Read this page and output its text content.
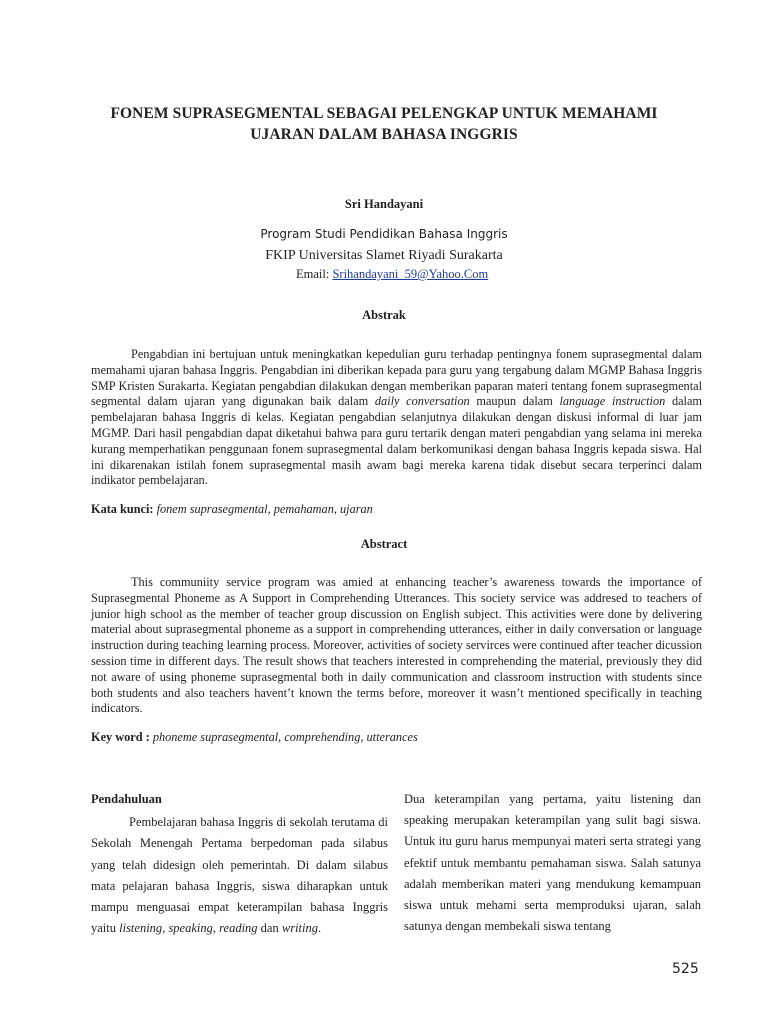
FONEM SUPRASEGMENTAL SEBAGAI PELENGKAP UNTUK MEMAHAMI
UJARAN DALAM BAHASA INGGRIS

Sri Handayani

Program Studi Pendidikan Bahasa Inggris

FKIP Universitas Slamet Riyadi Surakarta

Email: Srihandayani_59@Yahoo.Com

Abstrak

Pengabdian ini bertujuan untuk meningkatkan kepedulian guru terhadap pentingnya fonem suprasegmental dalam memahami ujaran bahasa Inggris. Pengabdian ini diberikan kepada para guru yang tergabung dalam MGMP Bahasa Inggris SMP Kristen Surakarta. Kegiatan pengabdian dilakukan dengan memberikan paparan materi tentang fonem suprasegmental segmental dalam ujaran yang digunakan baik dalam daily conversation maupun dalam language instruction dalam pembelajaran bahasa Inggris di kelas. Kegiatan pengabdian selanjutnya dilakukan dengan diskusi informal di luar jam MGMP. Dari hasil pengabdian dapat diketahui bahwa para guru tertarik dengan materi pengabdian yang selama ini mereka kurang memperhatikan penggunaan fonem suprasegmental dalam berkomunikasi dengan bahasa Inggris kepada siswa. Hal ini dikarenakan istilah fonem suprasegmental masih awam bagi mereka karena tidak disebut secara terperinci dalam indikator pembelajaran.

Kata kunci: fonem suprasegmental, pemahaman, ujaran

Abstract

This communiity service program was amied at enhancing teacher’s awareness towards the importance of Suprasegmental Phoneme as A Support in Comprehending Utterances. This society service was addresed to teachers of junior high school as the member of teacher group discussion on English subject. This activities were done by delivering material about suprasegmental phoneme as a support in comprehending utterances, either in daily conversation or language instruction during teaching learning process. Moreover, activities of society servirces were continued after teacher dicussion session time in different days. The result shows that teachers interested in comprehending the material, previously they did not aware of using phoneme suprasegmental both in daily communication and classroom instruction with students since both students and also teachers havent’t known the terms before, moreover it wasn’t mentioned specifically in teaching indicators.

Key word : phoneme suprasegmental, comprehending, utterances

Pendahuluan

Pembelajaran bahasa Inggris di sekolah terutama di Sekolah Menengah Pertama berpedoman pada silabus yang telah didesign oleh pemerintah. Di dalam silabus mata pelajaran bahasa Inggris, siswa diharapkan untuk mampu menguasai empat keterampilan bahasa Inggris yaitu listening, speaking, reading dan writing.

Dua keterampilan yang pertama, yaitu listening dan speaking merupakan keterampilan yang sulit bagi siswa. Untuk itu guru harus mempunyai materi serta strategi yang efektif untuk membantu pemahaman siswa. Salah satunya adalah memberikan materi yang mendukung kemampuan siswa untuk mehami serta memproduksi ujaran, salah satunya dengan membekali siswa tentang

525
